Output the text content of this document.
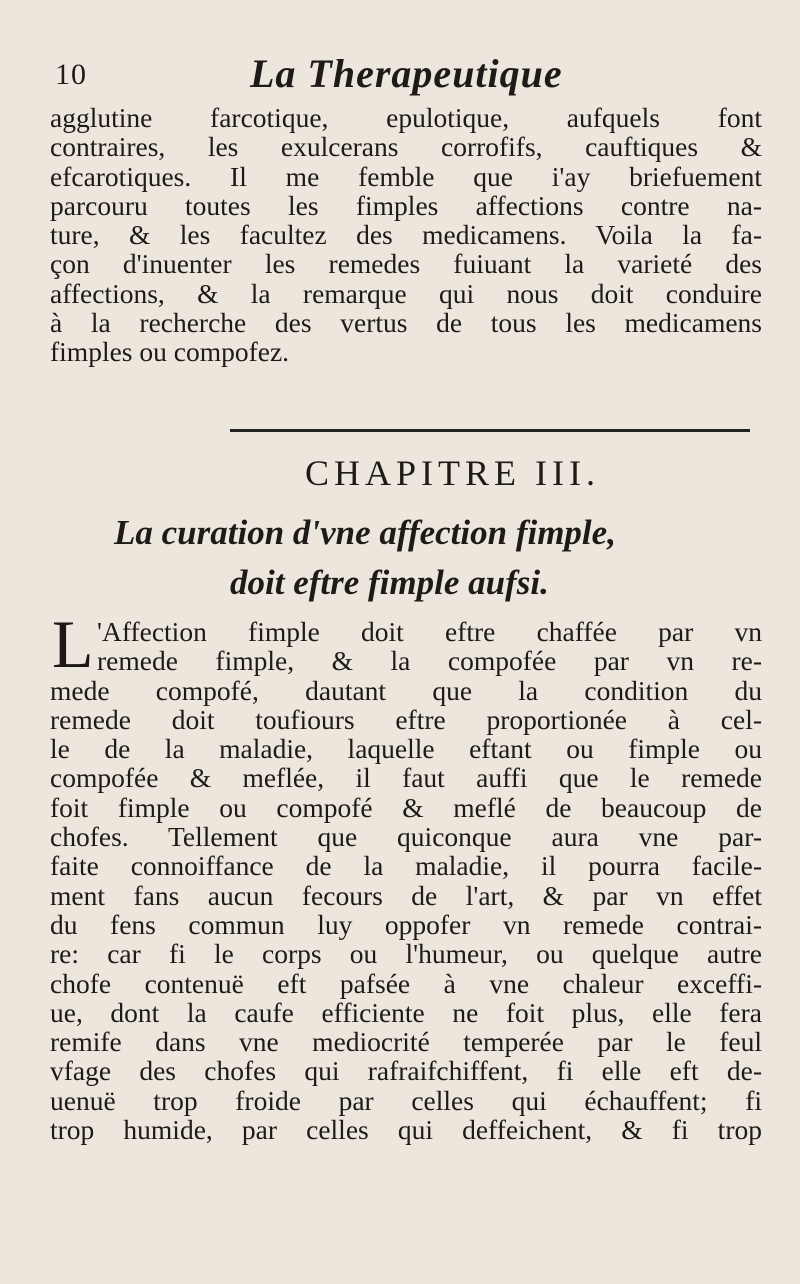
10	La Therapeutique
agglutine farcotique, epulotique, aufquels font
contraires, les exulcerans corrofifs, cauftiques &
efcarotiques. Il me femble que i'ay briefuement
parcouru toutes les fimples affections contre na-
ture, & les facultez des medicamens. Voila la fa-
çon d'inuenter les remedes fuiuant la varieté des
affections, & la remarque qui nous doit conduire
à la recherche des vertus de tous les medicamens
fimples ou compofez.
CHAPITRE III.
La curation d'vne affection fimple,
doit eftre fimple aufsi.
L 'Affection fimple doit eftre chaffée par vn
remede fimple, & la compofée par vn re-
mede compofé, dautant que la condition du
remede doit toufiours eftre proportionée à cel-
le de la maladie, laquelle eftant ou fimple ou
compofée & meflée, il faut auffi que le remede
foit fimple ou compofé & meflé de beaucoup de
chofes. Tellement que quiconque aura vne par-
faite connoiffance de la maladie, il pourra facile-
ment fans aucun fecours de l'art, & par vn effet
du fens commun luy oppofer vn remede contrai-
re: car fi le corps ou l'humeur, ou quelque autre
chofe contenuë eft pafsée à vne chaleur exceffi-
ue, dont la caufe efficiente ne foit plus, elle fera
remife dans vne mediocrité temperée par le feul
vfage des chofes qui rafraifchiffent, fi elle eft de-
uenuë trop froide par celles qui échauffent; fi
trop humide, par celles qui deffeichent, & fi trop
